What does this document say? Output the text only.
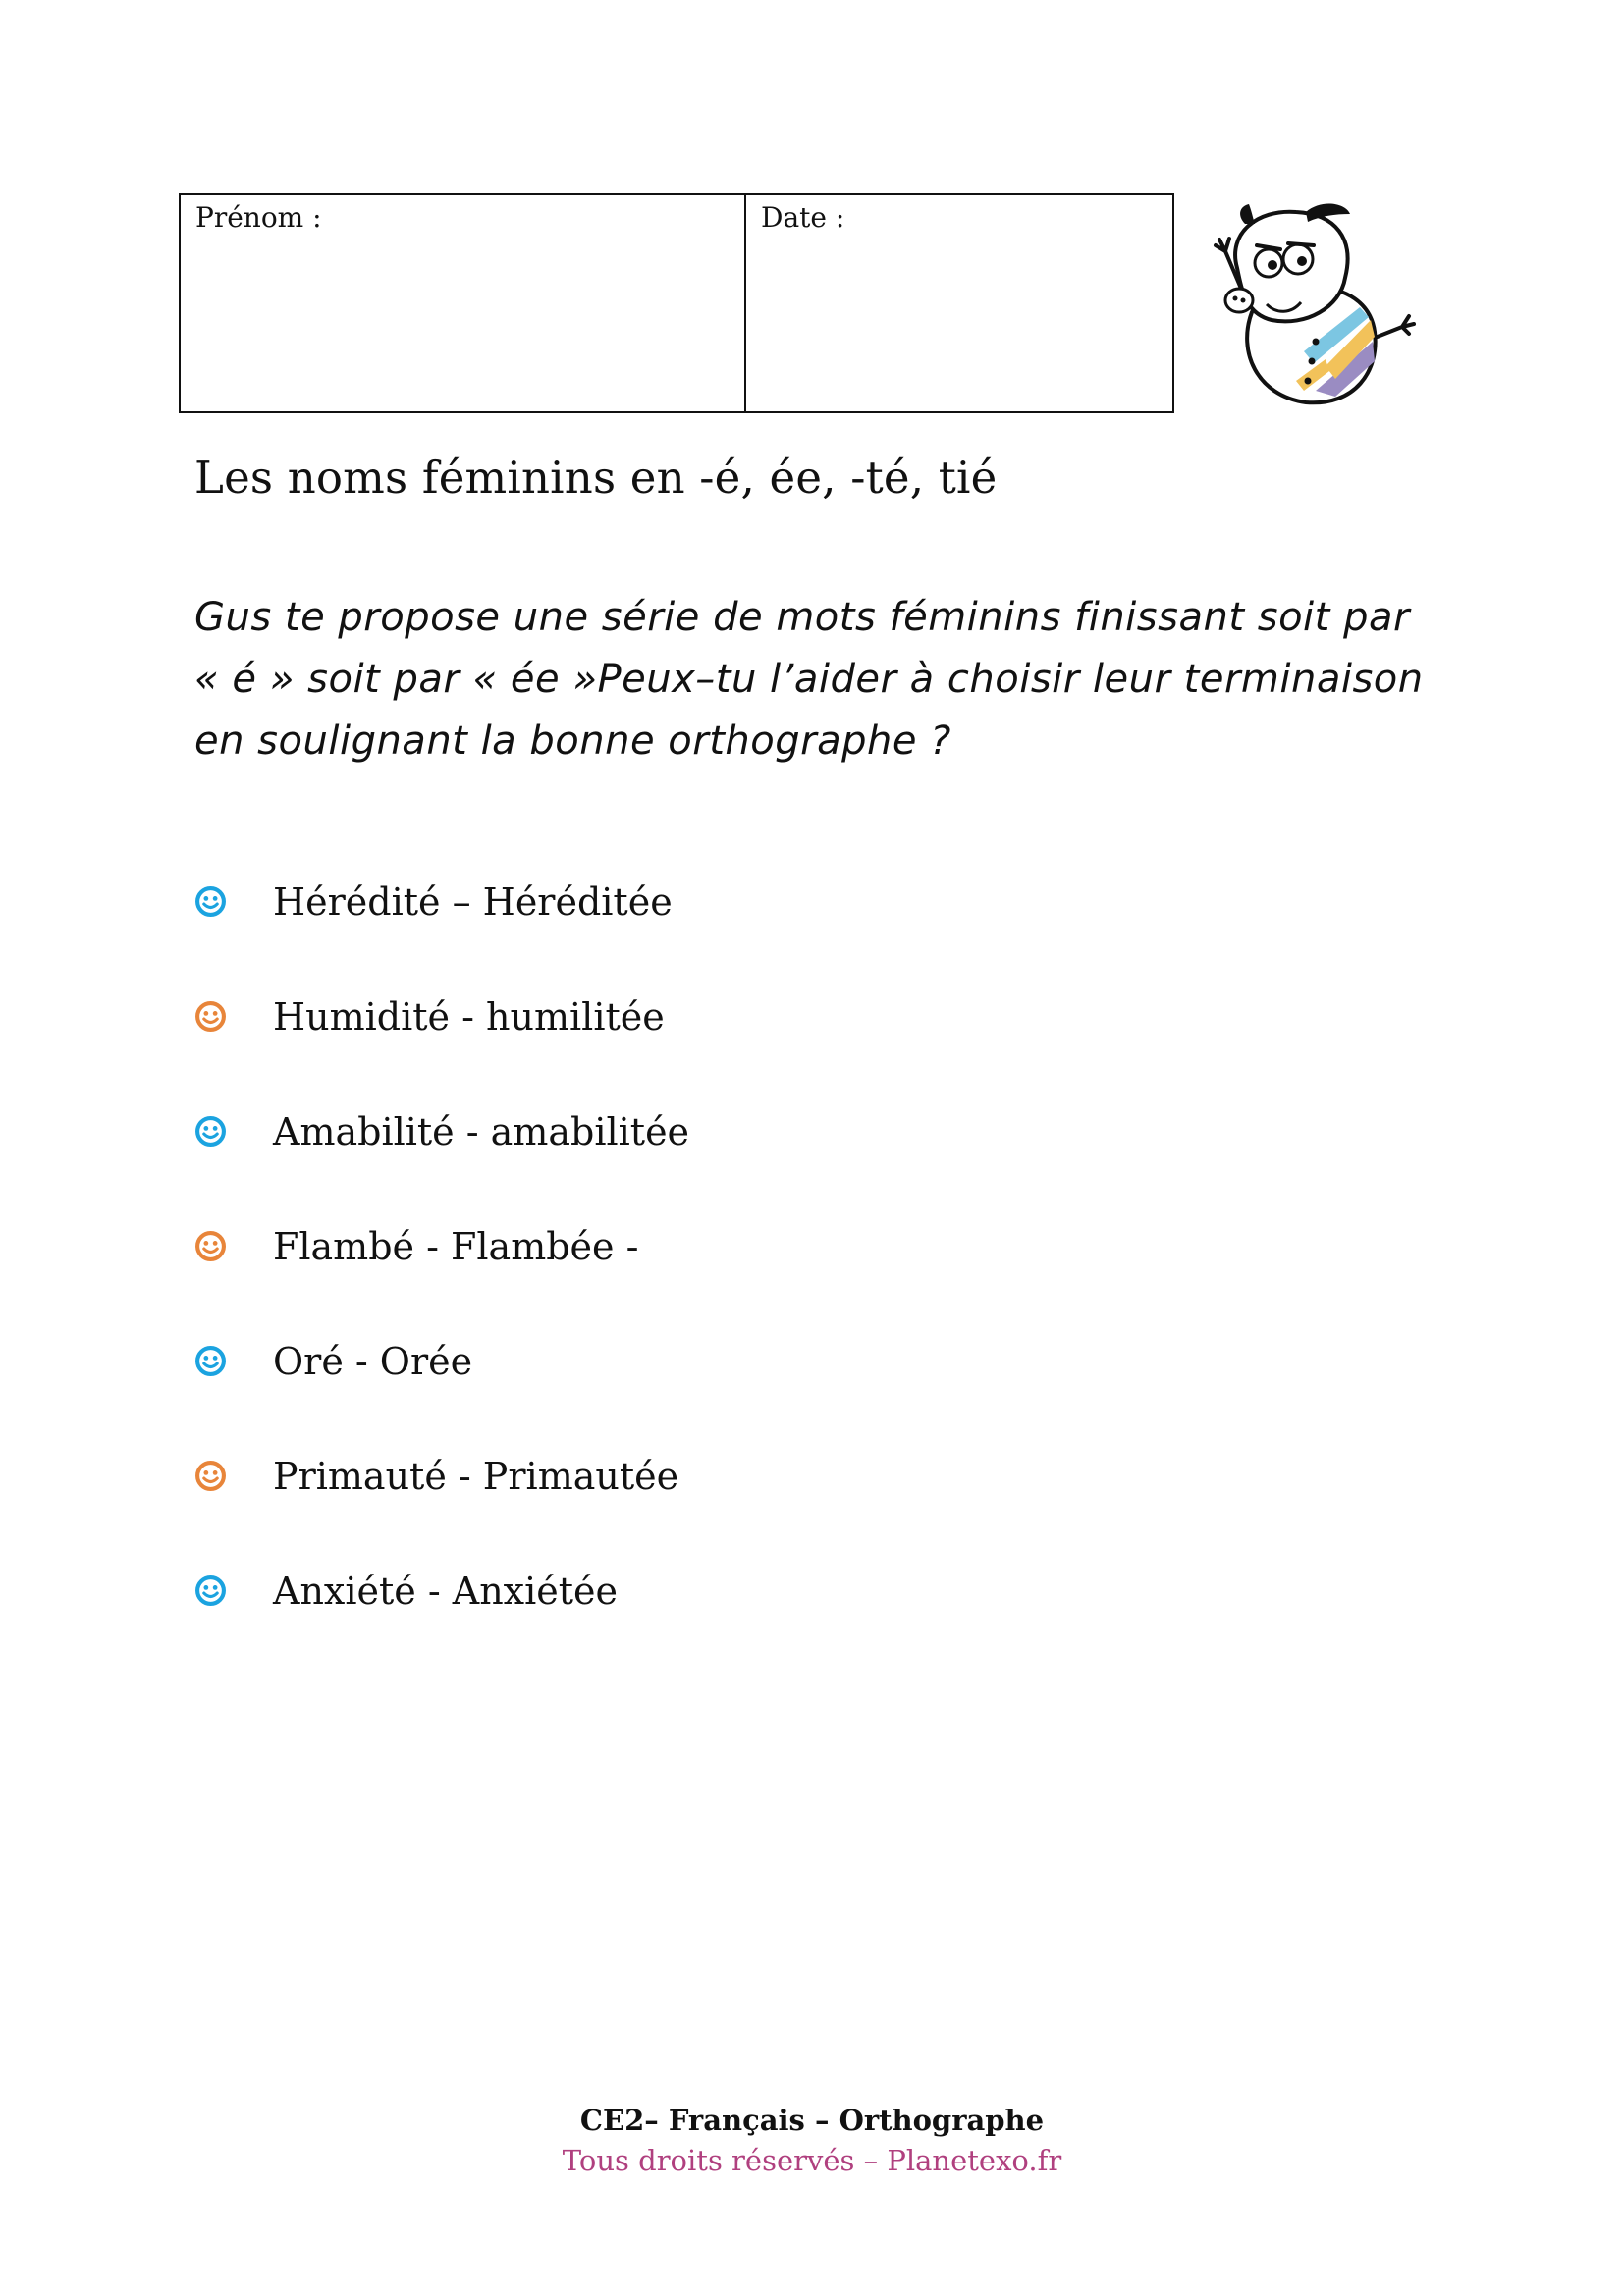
Prénom :	Date :
Les noms féminins en -é, ée, -té, tié

Gus te propose une série de mots féminins finissant soit par « é » soit par « ée »Peux–tu l’aider à choisir leur terminaison en soulignant la bonne orthographe ?

Hérédité – Héréditée
Humidité - humilitée
Amabilité - amabilitée
Flambé - Flambée -
Oré - Orée
Primauté - Primautée
Anxiété - Anxiétée
CE2– Français – Orthographe
Tous droits réservés – Planetexo.fr
